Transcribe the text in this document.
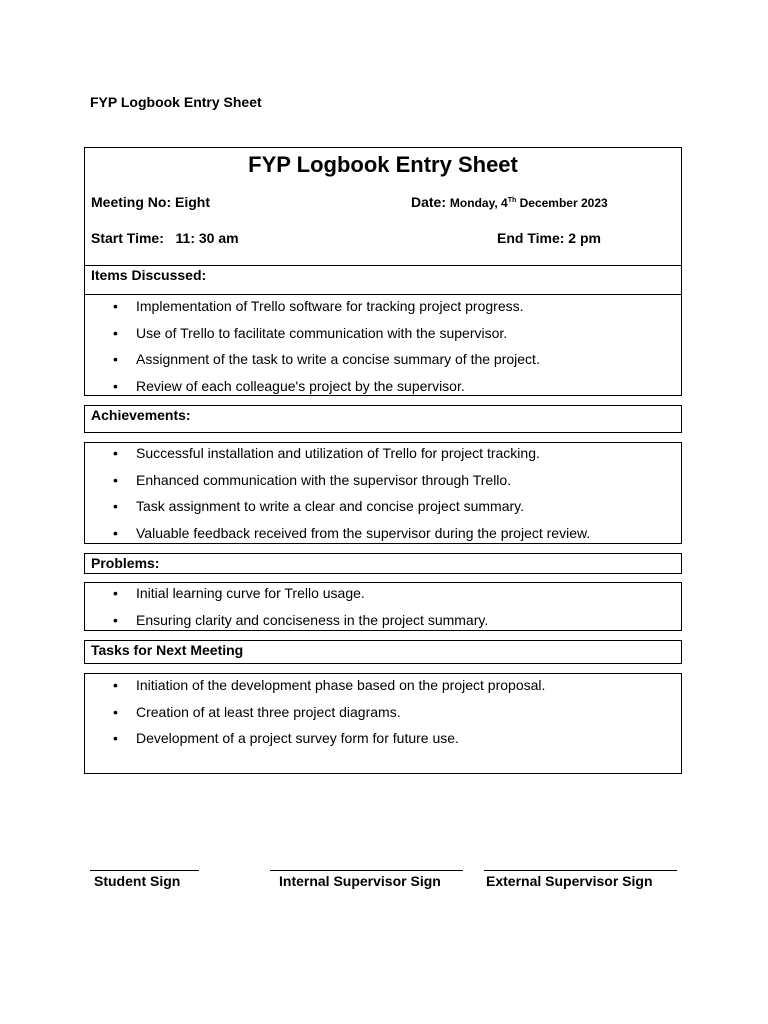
FYP Logbook Entry Sheet
FYP Logbook Entry Sheet
Meeting No: Eight	Date: Monday, 4Th December 2023
Start Time:   11: 30 am	End Time: 2 pm
Items Discussed:
• Implementation of Trello software for tracking project progress.
• Use of Trello to facilitate communication with the supervisor.
• Assignment of the task to write a concise summary of the project.
• Review of each colleague's project by the supervisor.
Achievements:
• Successful installation and utilization of Trello for project tracking.
• Enhanced communication with the supervisor through Trello.
• Task assignment to write a clear and concise project summary.
• Valuable feedback received from the supervisor during the project review.
Problems:
• Initial learning curve for Trello usage.
• Ensuring clarity and conciseness in the project summary.
Tasks for Next Meeting
• Initiation of the development phase based on the project proposal.
• Creation of at least three project diagrams.
• Development of a project survey form for future use.
Student Sign	Internal Supervisor Sign	External Supervisor Sign
